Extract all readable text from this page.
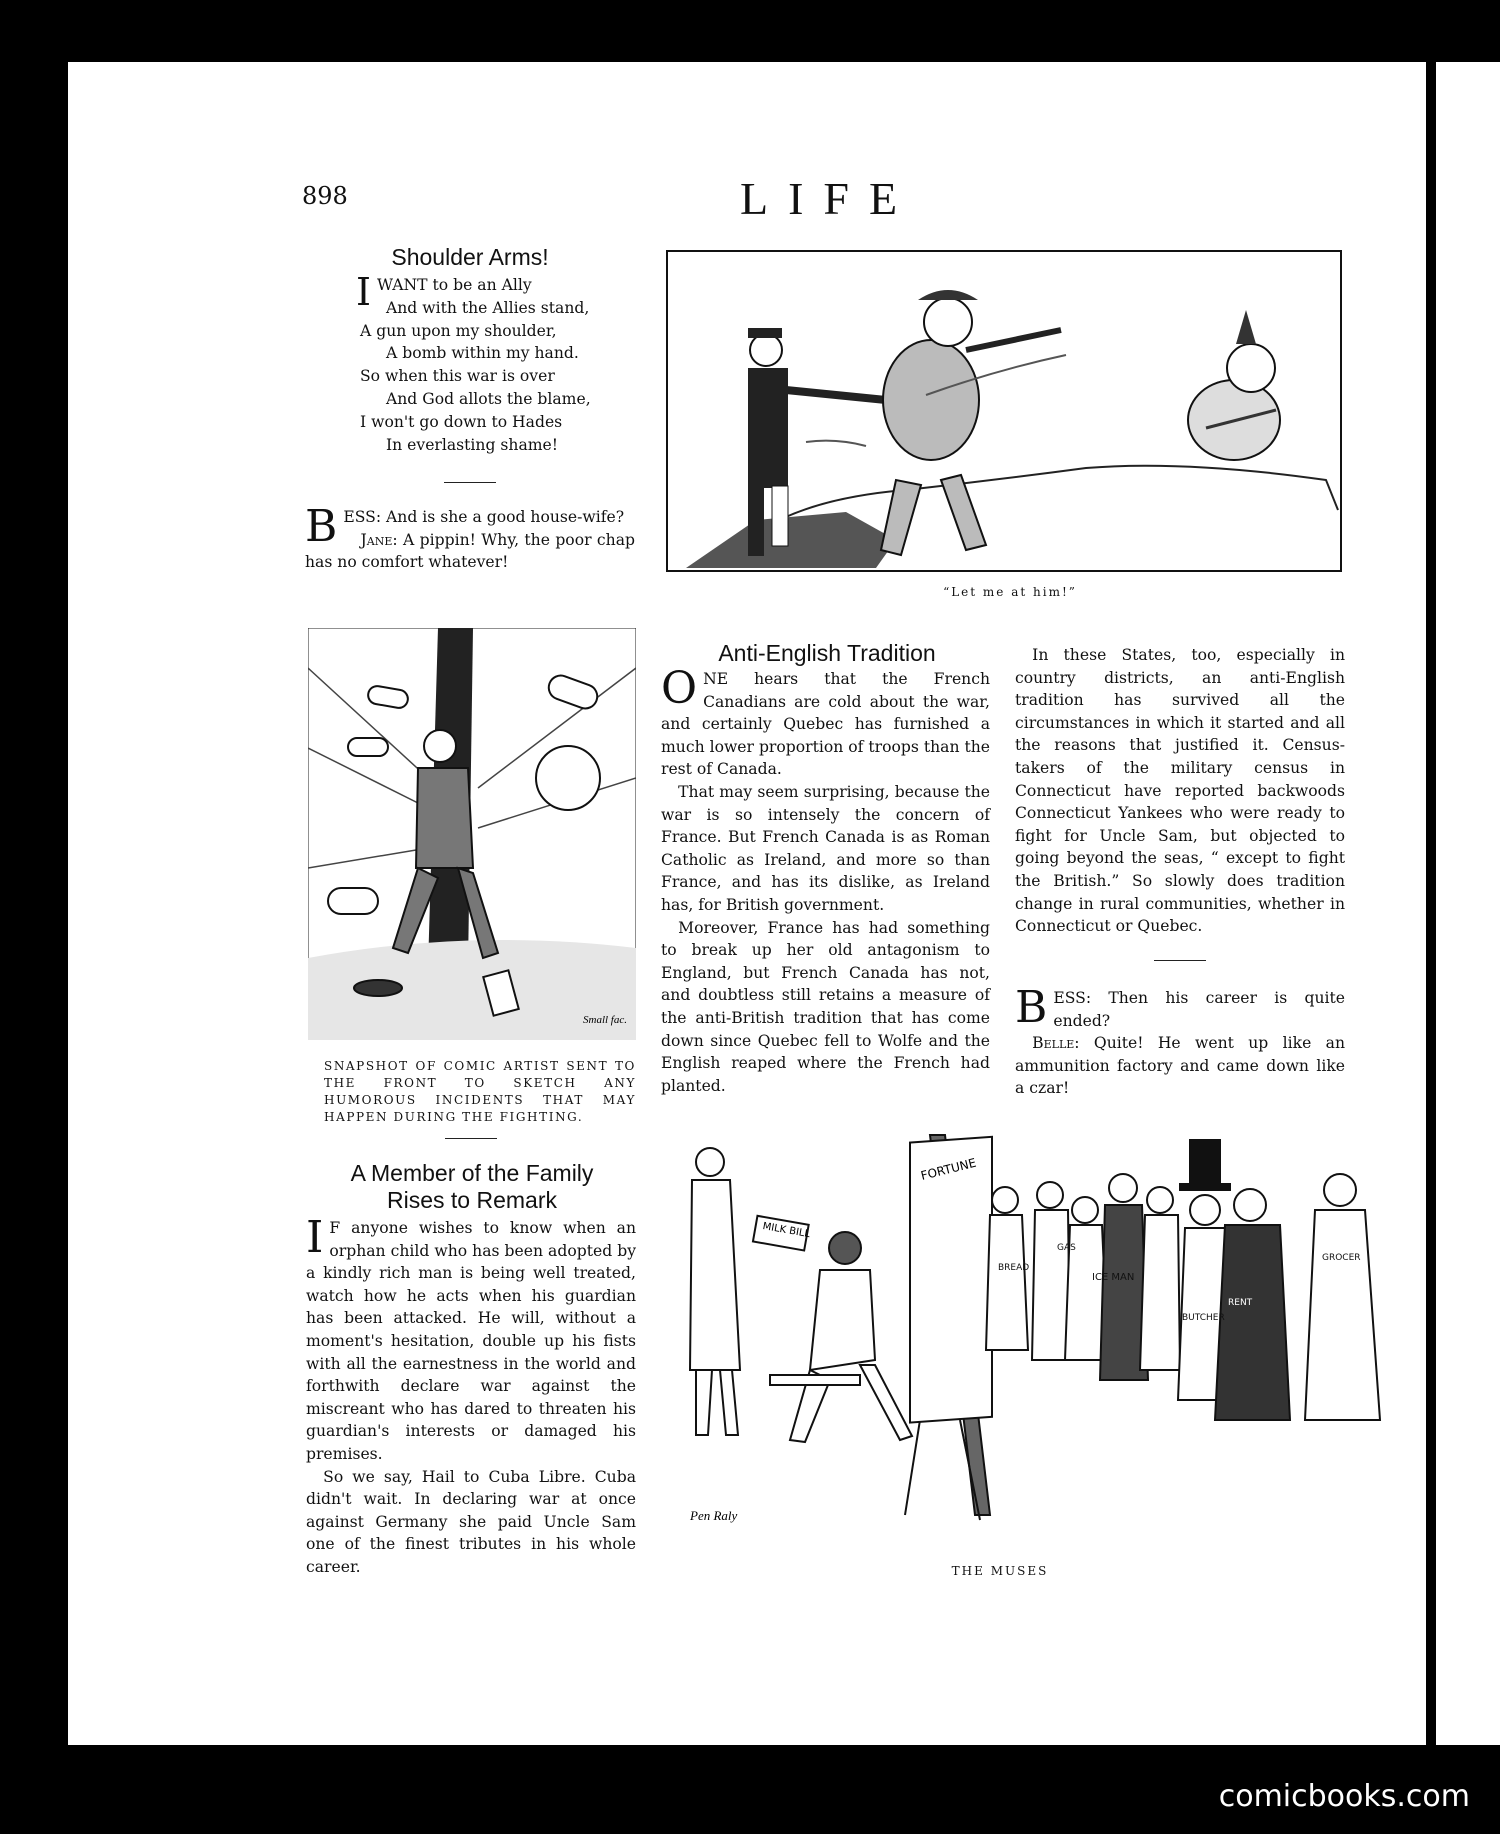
898	LIFE
Shoulder Arms!
IWANT to be an Ally
And with the Allies stand,
A gun upon my shoulder,
A bomb within my hand.
So when this war is over
And God allots the blame,
I won't go down to Hades
In everlasting shame!

BESS: And is she a good house-wife?

Jane: A pippin! Why, the poor chap has no comfort whatever!

“Let me at him!”
Small fac.
SNAPSHOT OF COMIC ARTIST SENT TO THE FRONT TO SKETCH ANY HUMOROUS INCIDENTS THAT MAY HAPPEN DURING THE FIGHTING.
Anti-English Tradition

ONE hears that the French Canadians are cold about the war, and certainly Quebec has furnished a much lower proportion of troops than the rest of Canada.

That may seem surprising, because the war is so intensely the concern of France. But French Canada is as Roman Catholic as Ireland, and more so than France, and has its dislike, as Ireland has, for British government.

Moreover, France has had something to break up her old antagonism to England, but French Canada has not, and doubtless still retains a measure of the anti-British tradition that has come down since Quebec fell to Wolfe and the English reaped where the French had planted.

In these States, too, especially in country districts, an anti-English tradition has survived all the circumstances in which it started and all the reasons that justified it. Census-takers of the military census in Connecticut have reported backwoods Connecticut Yankees who were ready to fight for Uncle Sam, but objected to going beyond the seas, “ except to fight the British.” So slowly does tradition change in rural communities, whether in Connecticut or Quebec.

BESS: Then his career is quite ended?

Belle: Quite! He went up like an ammunition factory and came down like a czar!

A Member of the Family
Rises to Remark

I F anyone wishes to know when an orphan child who has been adopted by a kindly rich man is being well treated, watch how he acts when his guardian has been attacked. He will, without a moment's hesitation, double up his fists with all the earnestness in the world and forthwith declare war against the miscreant who has dared to threaten his guardian's interests or damaged his premises.

So we say, Hail to Cuba Libre. Cuba didn't wait. In declaring war at once against Germany she paid Uncle Sam one of the finest tributes in his whole career.

FORTUNE
MILK BILL
ICE MAN
GAS
BREAD
BUTCHER
RENT
GROCER
Pen Raly
THE MUSES
comicbooks.com
